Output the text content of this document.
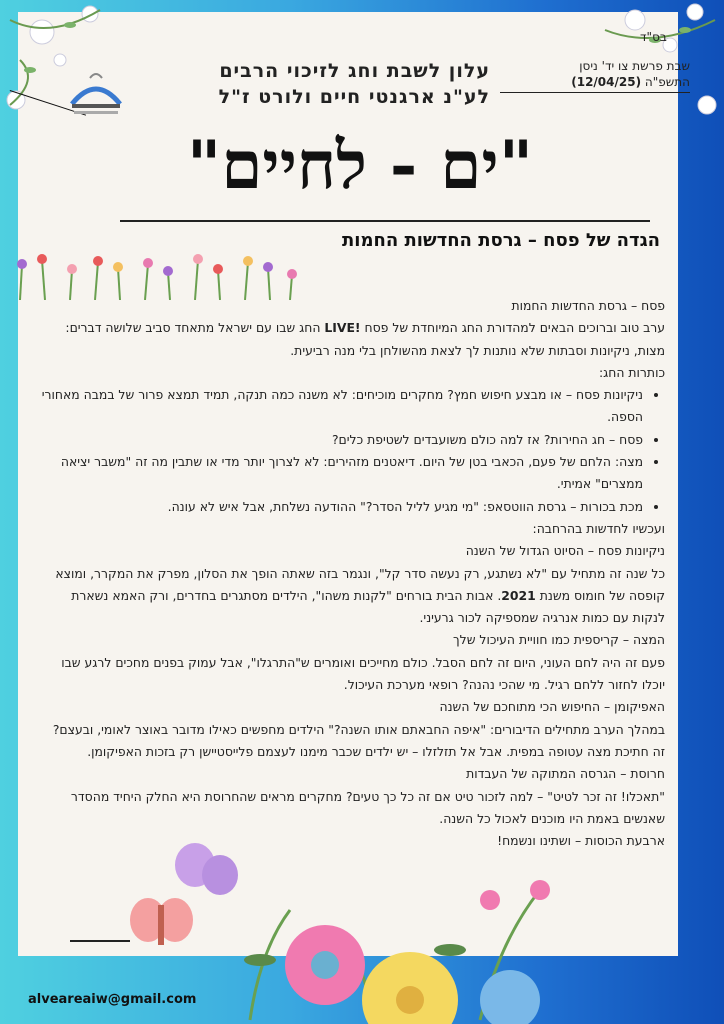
בס"ד
שבת פרשת צו יד' ניסן
התשפ"ה (12/04/25)
עלון לשבת וחג לזיכוי הרבים
לע"נ ארגנטי חיים ולורט ז"ל
"ים - לחיים"
הגדה של פסח – גרסת החדשות החמות

פסח – גרסת החדשות החמות

ערב טוב וברוכים הבאים למהדורת החג המיוחדת של פסח LIVE! החג שבו עם ישראל מתאחד סביב שלושה דברים: מצות, ניקיונות וסבתות שלא נותנות לך לצאת מהשולחן בלי מנה רביעית.

כותרות החג:

• ניקיונות פסח – או מבצע חיפוש חמץ? מחקרים מוכיחים: לא משנה כמה תנקה, תמיד תמצא פרור של במבה מאחורי הספה.
• פסח – חג החירות? אז למה כולם משועבדים לשטיפת כלים?
• מצה: הלחם של פעם, הכאבי בטן של היום. דיאטנים מזהירים: לא לצרוך יותר מדי או שתבין מה זה "משבר יציאה ממצרים" אמיתי.
• מכת בכורות – גרסת הווטסאפ: "מי מגיע לליל הסדר?" ההודעה נשלחת, אבל איש לא עונה.

ועכשיו לחדשות בהרחבה:

ניקיונות פסח – הסיוט הגדול של השנה

כל שנה זה מתחיל עם "לא נשתגע, רק נעשה סדר קל", ונגמר בזה שאתה הופך את הסלון, מפרק את המקרר, ומוצא קופסה של חומוס משנת 2021. אבות הבית בורחים "לקנות משהו", הילדים מסתגרים בחדרים, ורק האמא נשארת לנקות עם כמות אנרגיה שמספיקה לכור גרעיני.

המצה – קריספית כמו חוויית העיכול שלך

פעם זה היה לחם העוני, היום זה לחם הסבל. כולם מחייכים ואומרים ש"התרגלו", אבל עמוק בפנים מחכים לרגע שבו יוכלו לחזור ללחם רגיל. מי שהכי נהנה? רופאי מערכת העיכול.

האפיקומן – החיפוש הכי מתוחכם של השנה

במהלך הערב מתחילים הדיבורים: "איפה החבאתם אותו השנה?" הילדים מחפשים כאילו מדובר באוצר לאומי, ובעצם? זה חתיכת מצה עטופה במפית. אבל אל תזלזלו – יש ילדים שכבר מימנו לעצמם פלייסטיישן רק בזכות האפיקומן.

חרוסת – הגרסה המתוקה של העבדות

"תאכלו! זה זכר לטיט" – למה לזכור טיט אם זה כל כך טעים? מחקרים מראים שהחרוסת היא החלק היחיד מהסדר שאנשים באמת היו מוכנים לאכול כל השנה.

ארבעת הכוסות – ושתינו ונשמח!

alveareaiw@gmail.com
